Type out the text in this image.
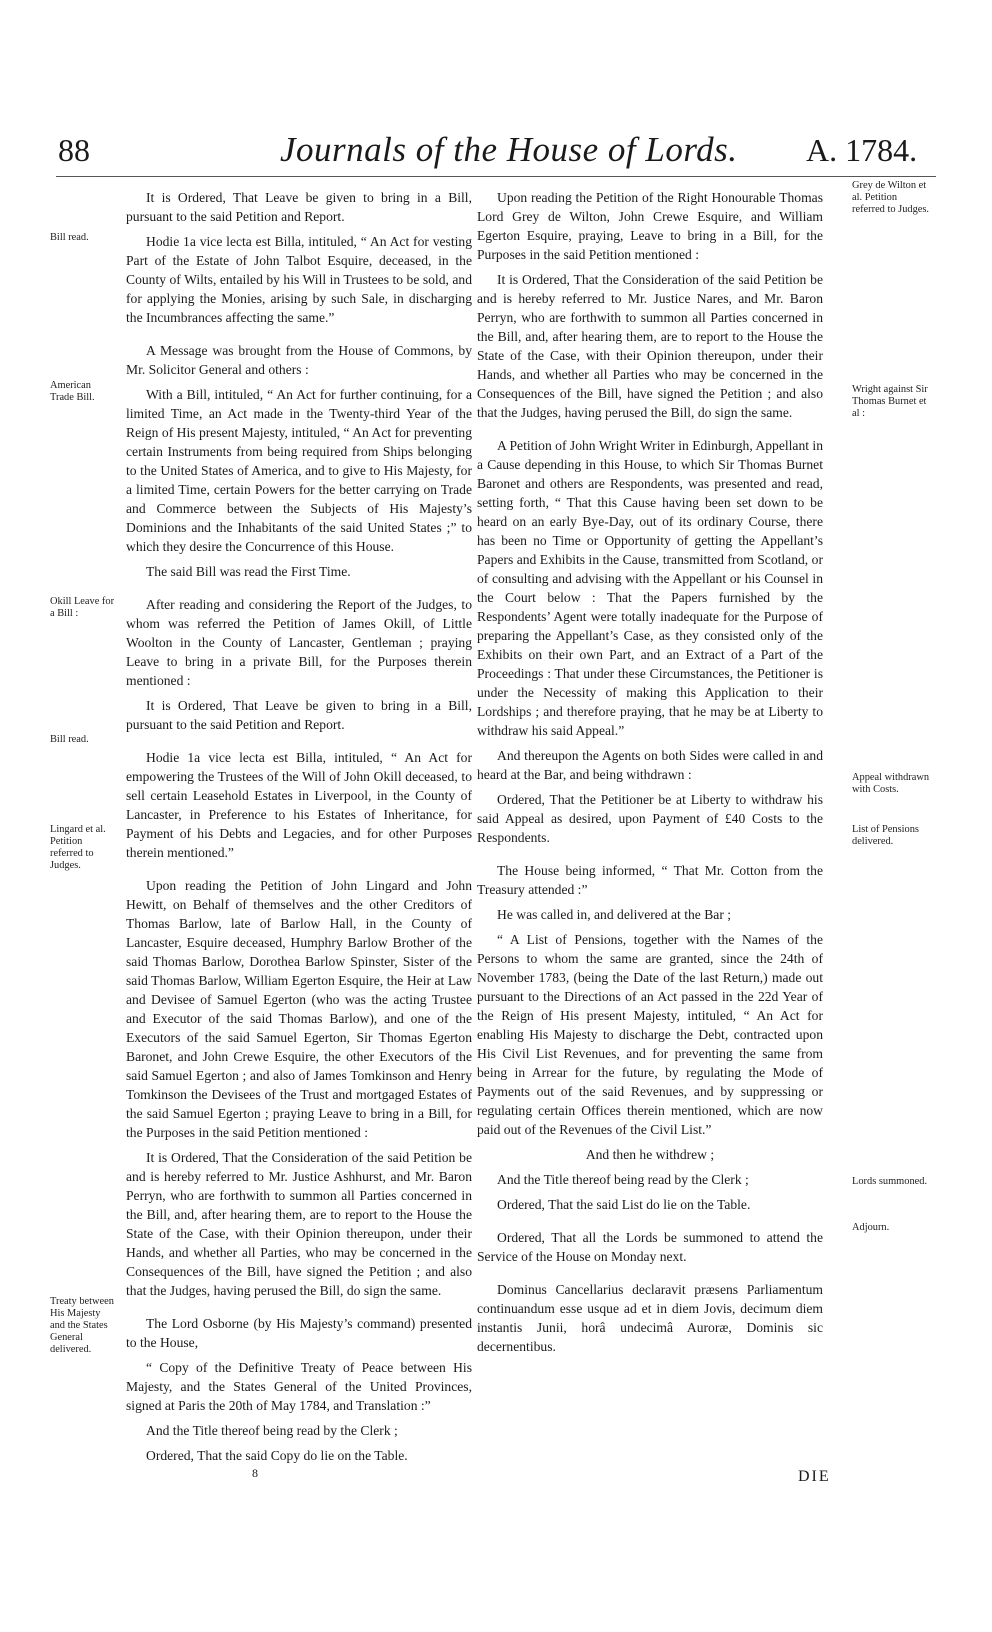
88	Journals of the House of Lords. A. 1784.

It is Ordered, That Leave be given to bring in a Bill, pursuant to the said Petition and Report.

Hodie 1a vice lecta est Billa, intituled, “ An Act for vesting Part of the Estate of John Talbot Esquire, deceased, in the County of Wilts, entailed by his Will in Trustees to be sold, and for applying the Monies, arising by such Sale, in discharging the Incumbrances affecting the same.”

A Message was brought from the House of Commons, by Mr. Solicitor General and others :

With a Bill, intituled, “ An Act for further continuing, for a limited Time, an Act made in the Twenty-third Year of the Reign of His present Majesty, intituled, “ An Act for preventing certain Instruments from being required from Ships belonging to the United States of America, and to give to His Majesty, for a limited Time, certain Powers for the better carrying on Trade and Commerce between the Subjects of His Majesty’s Dominions and the Inhabitants of the said United States ;” to which they desire the Concurrence of this House.

The said Bill was read the First Time.

After reading and considering the Report of the Judges, to whom was referred the Petition of James Okill, of Little Woolton in the County of Lancaster, Gentleman ; praying Leave to bring in a private Bill, for the Purposes therein mentioned :

It is Ordered, That Leave be given to bring in a Bill, pursuant to the said Petition and Report.

Hodie 1a vice lecta est Billa, intituled, “ An Act for empowering the Trustees of the Will of John Okill deceased, to sell certain Leasehold Estates in Liverpool, in the County of Lancaster, in Preference to his Estates of Inheritance, for Payment of his Debts and Legacies, and for other Purposes therein mentioned.”

Upon reading the Petition of John Lingard and John Hewitt, on Behalf of themselves and the other Creditors of Thomas Barlow, late of Barlow Hall, in the County of Lancaster, Esquire deceased, Humphry Barlow Brother of the said Thomas Barlow, Dorothea Barlow Spinster, Sister of the said Thomas Barlow, William Egerton Esquire, the Heir at Law and Devisee of Samuel Egerton (who was the acting Trustee and Executor of the said Thomas Barlow), and one of the Executors of the said Samuel Egerton, Sir Thomas Egerton Baronet, and John Crewe Esquire, the other Executors of the said Samuel Egerton ; and also of James Tomkinson and Henry Tomkinson the Devisees of the Trust and mortgaged Estates of the said Samuel Egerton ; praying Leave to bring in a Bill, for the Purposes in the said Petition mentioned :

It is Ordered, That the Consideration of the said Petition be and is hereby referred to Mr. Justice Ashhurst, and Mr. Baron Perryn, who are forthwith to summon all Parties concerned in the Bill, and, after hearing them, are to report to the House the State of the Case, with their Opinion thereupon, under their Hands, and whether all Parties, who may be concerned in the Consequences of the Bill, have signed the Petition ; and also that the Judges, having perused the Bill, do sign the same.

The Lord Osborne (by His Majesty’s command) presented to the House,

“ Copy of the Definitive Treaty of Peace between His Majesty, and the States General of the United Provinces, signed at Paris the 20th of May 1784, and Translation :”

And the Title thereof being read by the Clerk ;

Ordered, That the said Copy do lie on the Table.

Upon reading the Petition of the Right Honourable Thomas Lord Grey de Wilton, John Crewe Esquire, and William Egerton Esquire, praying, Leave to bring in a Bill, for the Purposes in the said Petition mentioned :

It is Ordered, That the Consideration of the said Petition be and is hereby referred to Mr. Justice Nares, and Mr. Baron Perryn, who are forthwith to summon all Parties concerned in the Bill, and, after hearing them, are to report to the House the State of the Case, with their Opinion thereupon, under their Hands, and whether all Parties who may be concerned in the Consequences of the Bill, have signed the Petition ; and also that the Judges, having perused the Bill, do sign the same.

A Petition of John Wright Writer in Edinburgh, Appellant in a Cause depending in this House, to which Sir Thomas Burnet Baronet and others are Respondents, was presented and read, setting forth, “ That this Cause having been set down to be heard on an early Bye-Day, out of its ordinary Course, there has been no Time or Opportunity of getting the Appellant’s Papers and Exhibits in the Cause, transmitted from Scotland, or of consulting and advising with the Appellant or his Counsel in the Court below : That the Papers furnished by the Respondents’ Agent were totally inadequate for the Purpose of preparing the Appellant’s Case, as they consisted only of the Exhibits on their own Part, and an Extract of a Part of the Proceedings : That under these Circumstances, the Petitioner is under the Necessity of making this Application to their Lordships ; and therefore praying, that he may be at Liberty to withdraw his said Appeal.”

And thereupon the Agents on both Sides were called in and heard at the Bar, and being withdrawn :

Ordered, That the Petitioner be at Liberty to withdraw his said Appeal as desired, upon Payment of £40 Costs to the Respondents.

The House being informed, “ That Mr. Cotton from the Treasury attended :”

He was called in, and delivered at the Bar ;

“ A List of Pensions, together with the Names of the Persons to whom the same are granted, since the 24th of November 1783, (being the Date of the last Return,) made out pursuant to the Directions of an Act passed in the 22d Year of the Reign of His present Majesty, intituled, “ An Act for enabling His Majesty to discharge the Debt, contracted upon His Civil List Revenues, and for preventing the same from being in Arrear for the future, by regulating the Mode of Payments out of the said Revenues, and by suppressing or regulating certain Offices therein mentioned, which are now paid out of the Revenues of the Civil List.”

And then he withdrew ;

And the Title thereof being read by the Clerk ;

Ordered, That the said List do lie on the Table.

Ordered, That all the Lords be summoned to attend the Service of the House on Monday next.

Dominus Cancellarius declaravit præsens Parliamentum continuandum esse usque ad et in diem Jovis, decimum diem instantis Junii, horâ undecimâ Auroræ, Dominis sic decernentibus.

Bill read.
American Trade Bill.
Okill Leave for a Bill :
Bill read.
Lingard et al. Petition referred to Judges.
Treaty between His Majesty and the States General delivered.
Grey de Wilton et al. Petition referred to Judges.
Wright against Sir Thomas Burnet et al :
Appeal withdrawn with Costs.
List of Pensions delivered.
Lords summoned.
Adjourn.
8	DIE
